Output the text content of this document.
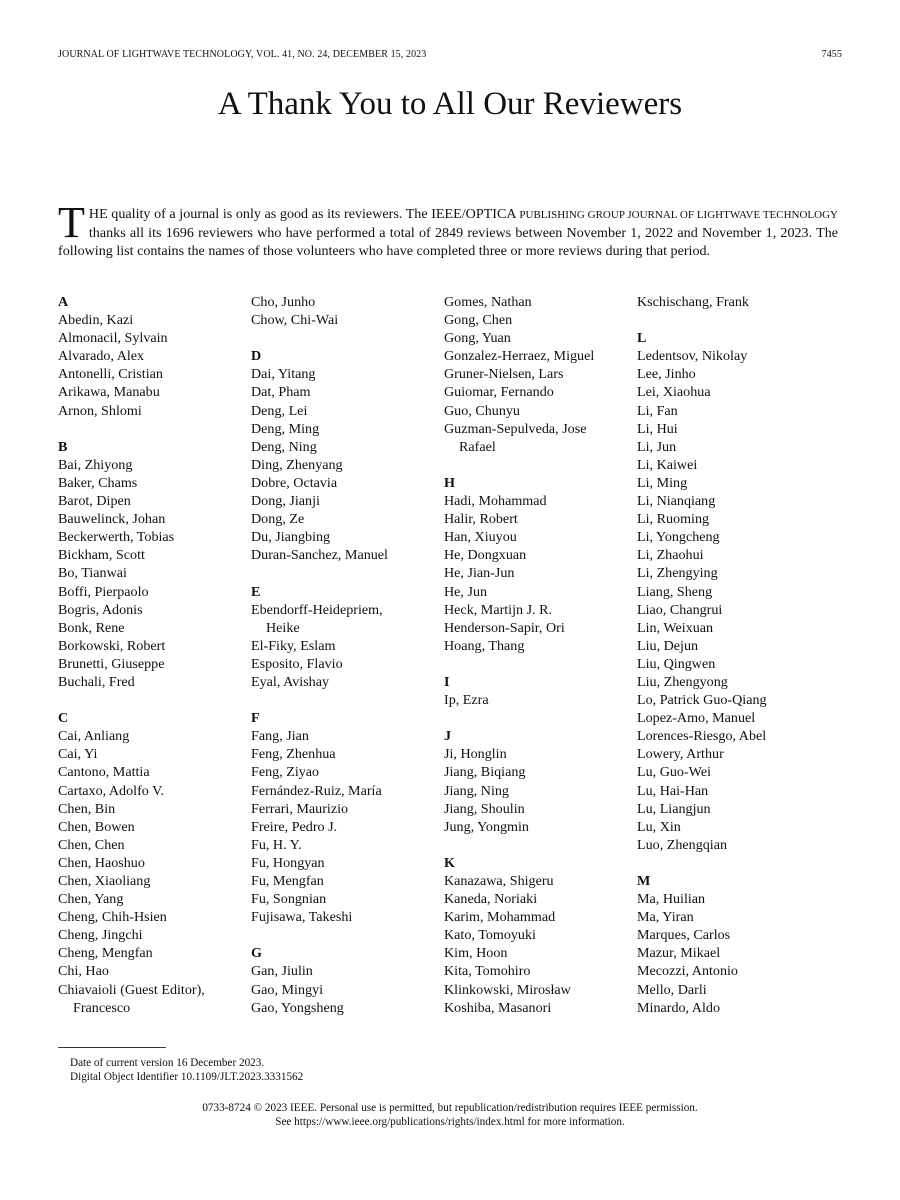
JOURNAL OF LIGHTWAVE TECHNOLOGY, VOL. 41, NO. 24, DECEMBER 15, 2023	7455
A Thank You to All Our Reviewers
THE quality of a journal is only as good as its reviewers. The IEEE/OPTICA PUBLISHING GROUP JOURNAL OF LIGHTWAVE TECHNOLOGY thanks all its 1696 reviewers who have performed a total of 2849 reviews between November 1, 2022 and November 1, 2023. The following list contains the names of those volunteers who have completed three or more reviews during that period.
A
Abedin, Kazi
Almonacil, Sylvain
Alvarado, Alex
Antonelli, Cristian
Arikawa, Manabu
Arnon, Shlomi
B
Bai, Zhiyong
Baker, Chams
Barot, Dipen
Bauwelinck, Johan
Beckerwerth, Tobias
Bickham, Scott
Bo, Tianwai
Boffi, Pierpaolo
Bogris, Adonis
Bonk, Rene
Borkowski, Robert
Brunetti, Giuseppe
Buchali, Fred
C
Cai, Anliang
Cai, Yi
Cantono, Mattia
Cartaxo, Adolfo V.
Chen, Bin
Chen, Bowen
Chen, Chen
Chen, Haoshuo
Chen, Xiaoliang
Chen, Yang
Cheng, Chih-Hsien
Cheng, Jingchi
Cheng, Mengfan
Chi, Hao
Chiavaioli (Guest Editor),
Francesco
Cho, Junho
Chow, Chi-Wai
D
Dai, Yitang
Dat, Pham
Deng, Lei
Deng, Ming
Deng, Ning
Ding, Zhenyang
Dobre, Octavia
Dong, Jianji
Dong, Ze
Du, Jiangbing
Duran-Sanchez, Manuel
E
Ebendorff-Heidepriem,
Heike
El-Fiky, Eslam
Esposito, Flavio
Eyal, Avishay
F
Fang, Jian
Feng, Zhenhua
Feng, Ziyao
Fernández-Ruiz, María
Ferrari, Maurizio
Freire, Pedro J.
Fu, H. Y.
Fu, Hongyan
Fu, Mengfan
Fu, Songnian
Fujisawa, Takeshi
G
Gan, Jiulin
Gao, Mingyi
Gao, Yongsheng
Gomes, Nathan
Gong, Chen
Gong, Yuan
Gonzalez-Herraez, Miguel
Gruner-Nielsen, Lars
Guiomar, Fernando
Guo, Chunyu
Guzman-Sepulveda, Jose
Rafael
H
Hadi, Mohammad
Halir, Robert
Han, Xiuyou
He, Dongxuan
He, Jian-Jun
He, Jun
Heck, Martijn J. R.
Henderson-Sapir, Ori
Hoang, Thang
I
Ip, Ezra
J
Ji, Honglin
Jiang, Biqiang
Jiang, Ning
Jiang, Shoulin
Jung, Yongmin
K
Kanazawa, Shigeru
Kaneda, Noriaki
Karim, Mohammad
Kato, Tomoyuki
Kim, Hoon
Kita, Tomohiro
Klinkowski, Mirosław
Koshiba, Masanori
Kschischang, Frank
L
Ledentsov, Nikolay
Lee, Jinho
Lei, Xiaohua
Li, Fan
Li, Hui
Li, Jun
Li, Kaiwei
Li, Ming
Li, Nianqiang
Li, Ruoming
Li, Yongcheng
Li, Zhaohui
Li, Zhengying
Liang, Sheng
Liao, Changrui
Lin, Weixuan
Liu, Dejun
Liu, Qingwen
Liu, Zhengyong
Lo, Patrick Guo-Qiang
Lopez-Amo, Manuel
Lorences-Riesgo, Abel
Lowery, Arthur
Lu, Guo-Wei
Lu, Hai-Han
Lu, Liangjun
Lu, Xin
Luo, Zhengqian
M
Ma, Huilian
Ma, Yiran
Marques, Carlos
Mazur, Mikael
Mecozzi, Antonio
Mello, Darli
Minardo, Aldo
Date of current version 16 December 2023.
Digital Object Identifier 10.1109/JLT.2023.3331562
0733-8724 © 2023 IEEE. Personal use is permitted, but republication/redistribution requires IEEE permission.
See https://www.ieee.org/publications/rights/index.html for more information.
